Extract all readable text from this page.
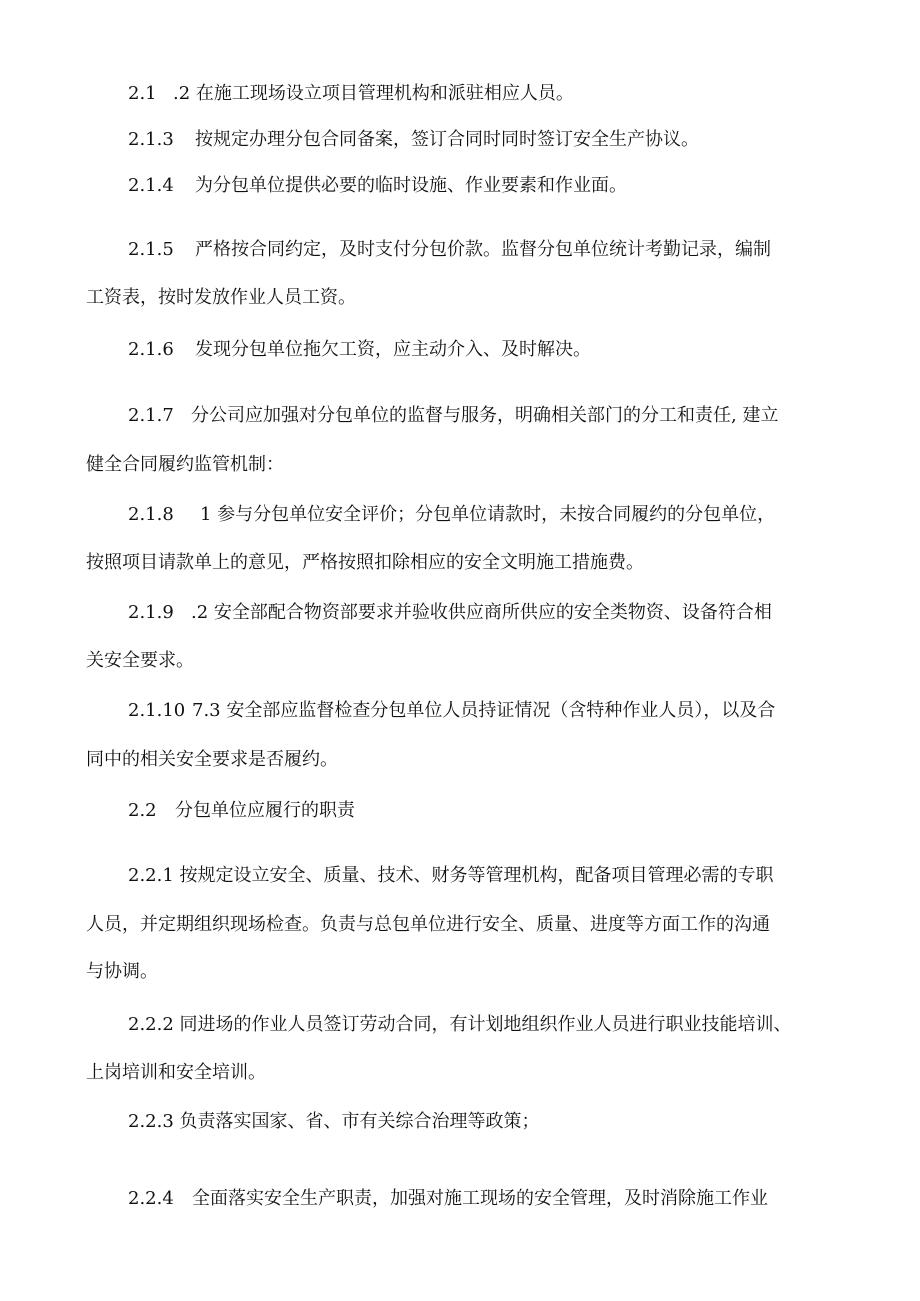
2.1 .2 在施工现场设立项目管理机构和派驻相应人员。
2.1.3 按规定办理分包合同备案，签订合同时同时签订安全生产协议。
2.1.4 为分包单位提供必要的临时设施、作业要素和作业面。
2.1.5 严格按合同约定，及时支付分包价款。监督分包单位统计考勤记录，编制
工资表，按时发放作业人员工资。
2.1.6 发现分包单位拖欠工资，应主动介入、及时解决。
2.1.7 分公司应加强对分包单位的监督与服务，明确相关部门的分工和责任, 建立
健全合同履约监管机制：
2.1.8 1 参与分包单位安全评价；分包单位请款时，未按合同履约的分包单位，
按照项目请款单上的意见，严格按照扣除相应的安全文明施工措施费。
2.1.9 .2 安全部配合物资部要求并验收供应商所供应的安全类物资、设备符合相
关安全要求。
2.1.10 7.3 安全部应监督检查分包单位人员持证情况（含特种作业人员），以及合
同中的相关安全要求是否履约。
2.2 分包单位应履行的职责
2.2.1 按规定设立安全、质量、技术、财务等管理机构，配备项目管理必需的专职
人员，并定期组织现场检查。负责与总包单位进行安全、质量、进度等方面工作的沟通
与协调。
2.2.2 同进场的作业人员签订劳动合同，有计划地组织作业人员进行职业技能培训、
上岗培训和安全培训。
2.2.3 负责落实国家、省、市有关综合治理等政策；
2.2.4 全面落实安全生产职责，加强对施工现场的安全管理，及时消除施工作业
